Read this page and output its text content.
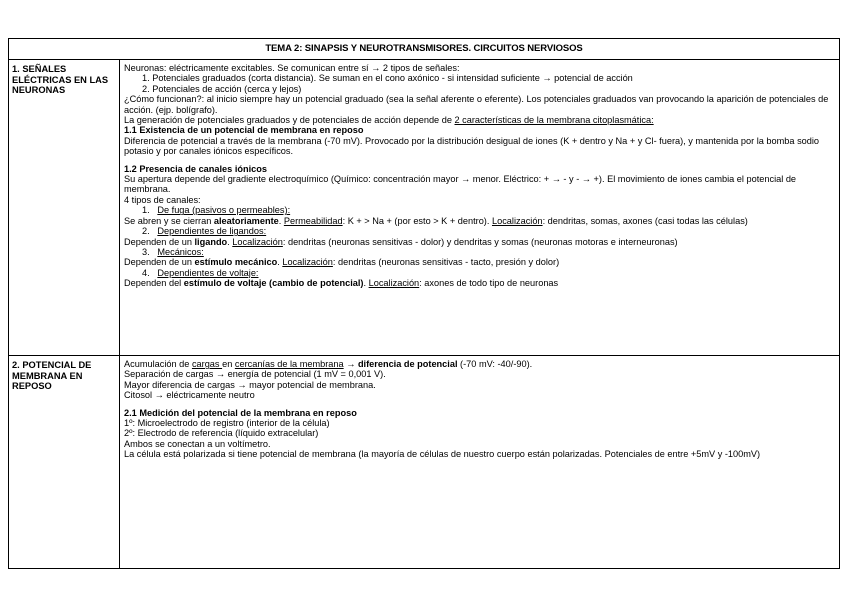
TEMA 2: SINAPSIS Y NEUROTRANSMISORES. CIRCUITOS NERVIOSOS
1. SEÑALES ELÉCTRICAS EN LAS NEURONAS

Neuronas: eléctricamente excitables. Se comunican entre sí → 2 tipos de señales:

1. Potenciales graduados (corta distancia). Se suman en el cono axónico - si intensidad suficiente → potencial de acción

2. Potenciales de acción (cerca y lejos)

¿Cómo funcionan?: al inicio siempre hay un potencial graduado (sea la señal aferente o eferente). Los potenciales graduados van provocando la aparición de potenciales de acción. (ejp. bolígrafo).

La generación de potenciales graduados y de potenciales de acción depende de 2 características de la membrana citoplasmática:

1.1 Existencia de un potencial de membrana en reposo

Diferencia de potencial a través de la membrana (-70 mV). Provocado por la distribución desigual de iones (K + dentro y Na + y Cl- fuera), y mantenida por la bomba sodio potasio y por canales iónicos específicos.

1.2 Presencia de canales iónicos

Su apertura depende del gradiente electroquímico (Químico: concentración mayor → menor. Eléctrico: + → - y - → +). El movimiento de iones cambia el potencial de membrana.

4 tipos de canales:

1. De fuga (pasivos o permeables):

Se abren y se cierran aleatoriamente. Permeabilidad: K + > Na + (por esto > K + dentro). Localización: dendritas, somas, axones (casi todas las células)

2. Dependientes de ligandos:

Dependen de un ligando. Localización: dendritas (neuronas sensitivas - dolor) y dendritas y somas (neuronas motoras e interneuronas)

3. Mecánicos:

Dependen de un estímulo mecánico. Localización: dendritas (neuronas sensitivas - tacto, presión y dolor)

4. Dependientes de voltaje:

Dependen del estímulo de voltaje (cambio de potencial). Localización: axones de todo tipo de neuronas

2. POTENCIAL DE MEMBRANA EN REPOSO

Acumulación de cargas en cercanías de la membrana → diferencia de potencial (-70 mV: -40/-90).

Separación de cargas → energía de potencial (1 mV = 0,001 V).

Mayor diferencia de cargas → mayor potencial de membrana.

Citosol → eléctricamente neutro

2.1 Medición del potencial de la membrana en reposo

1º: Microelectrodo de registro (interior de la célula)

2º: Electrodo de referencia (líquido extracelular)

Ambos se conectan a un voltímetro.

La célula está polarizada si tiene potencial de membrana (la mayoría de células de nuestro cuerpo están polarizadas. Potenciales de entre +5mV y -100mV)
